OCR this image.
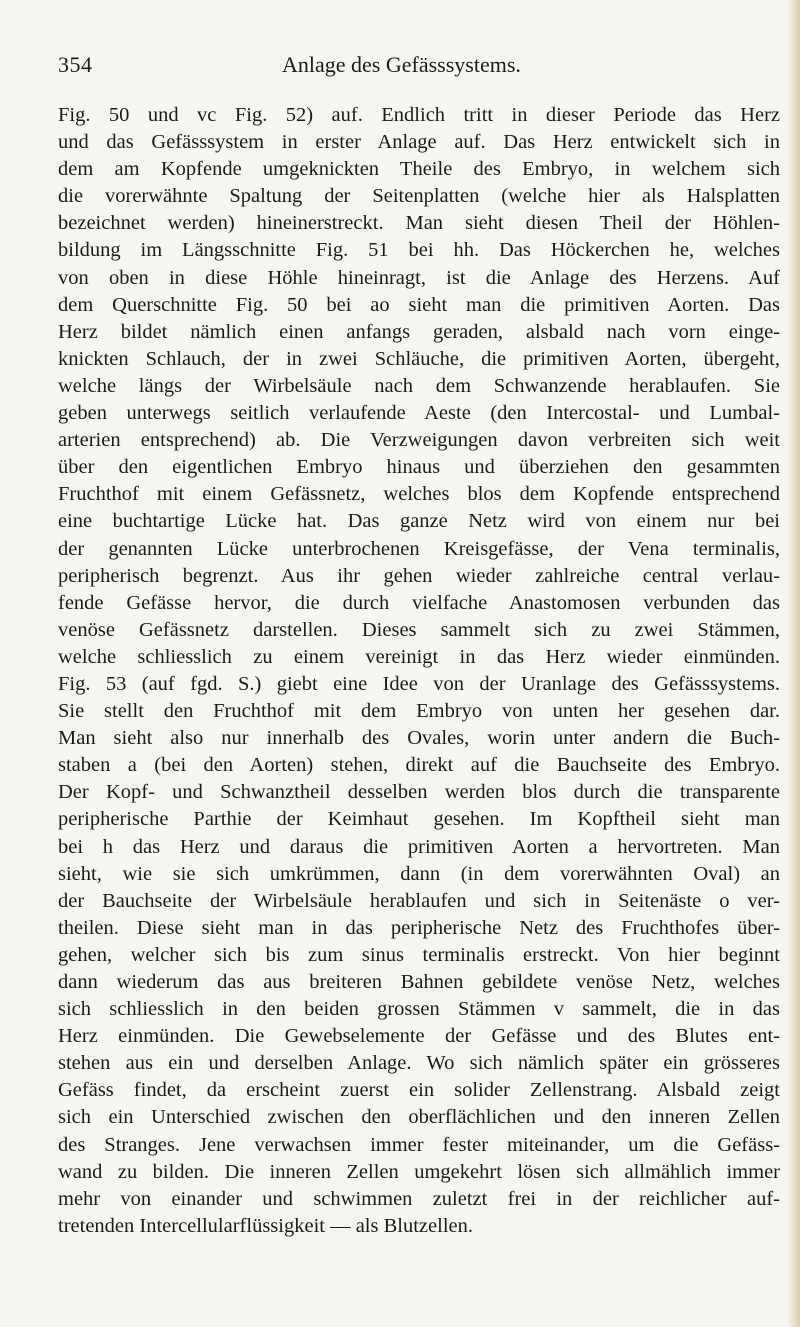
354	Anlage des Gefässsystems.
Fig. 50 und vc Fig. 52) auf. Endlich tritt in dieser Periode das Herz
und das Gefässsystem in erster Anlage auf. Das Herz entwickelt sich in
dem am Kopfende umgeknickten Theile des Embryo, in welchem sich
die vorerwähnte Spaltung der Seitenplatten (welche hier als Halsplatten
bezeichnet werden) hineinerstreckt. Man sieht diesen Theil der Höhlen-
bildung im Längsschnitte Fig. 51 bei hh. Das Höckerchen he, welches
von oben in diese Höhle hineinragt, ist die Anlage des Herzens. Auf
dem Querschnitte Fig. 50 bei ao sieht man die primitiven Aorten. Das
Herz bildet nämlich einen anfangs geraden, alsbald nach vorn einge-
knickten Schlauch, der in zwei Schläuche, die primitiven Aorten, übergeht,
welche längs der Wirbelsäule nach dem Schwanzende herablaufen. Sie
geben unterwegs seitlich verlaufende Aeste (den Intercostal- und Lumbal-
arterien entsprechend) ab. Die Verzweigungen davon verbreiten sich weit
über den eigentlichen Embryo hinaus und überziehen den gesammten
Fruchthof mit einem Gefässnetz, welches blos dem Kopfende entsprechend
eine buchtartige Lücke hat. Das ganze Netz wird von einem nur bei
der genannten Lücke unterbrochenen Kreisgefässe, der Vena terminalis,
peripherisch begrenzt. Aus ihr gehen wieder zahlreiche central verlau-
fende Gefässe hervor, die durch vielfache Anastomosen verbunden das
venöse Gefässnetz darstellen. Dieses sammelt sich zu zwei Stämmen,
welche schliesslich zu einem vereinigt in das Herz wieder einmünden.
Fig. 53 (auf fgd. S.) giebt eine Idee von der Uranlage des Gefässsystems.
Sie stellt den Fruchthof mit dem Embryo von unten her gesehen dar.
Man sieht also nur innerhalb des Ovales, worin unter andern die Buch-
staben a (bei den Aorten) stehen, direkt auf die Bauchseite des Embryo.
Der Kopf- und Schwanztheil desselben werden blos durch die transparente
peripherische Parthie der Keimhaut gesehen. Im Kopftheil sieht man
bei h das Herz und daraus die primitiven Aorten a hervortreten. Man
sieht, wie sie sich umkrümmen, dann (in dem vorerwähnten Oval) an
der Bauchseite der Wirbelsäule herablaufen und sich in Seitenäste o ver-
theilen. Diese sieht man in das peripherische Netz des Fruchthofes über-
gehen, welcher sich bis zum sinus terminalis erstreckt. Von hier beginnt
dann wiederum das aus breiteren Bahnen gebildete venöse Netz, welches
sich schliesslich in den beiden grossen Stämmen v sammelt, die in das
Herz einmünden. Die Gewebselemente der Gefässe und des Blutes ent-
stehen aus ein und derselben Anlage. Wo sich nämlich später ein grösseres
Gefäss findet, da erscheint zuerst ein solider Zellenstrang. Alsbald zeigt
sich ein Unterschied zwischen den oberflächlichen und den inneren Zellen
des Stranges. Jene verwachsen immer fester miteinander, um die Gefäss-
wand zu bilden. Die inneren Zellen umgekehrt lösen sich allmählich immer
mehr von einander und schwimmen zuletzt frei in der reichlicher auf-
tretenden Intercellularflüssigkeit — als Blutzellen.
